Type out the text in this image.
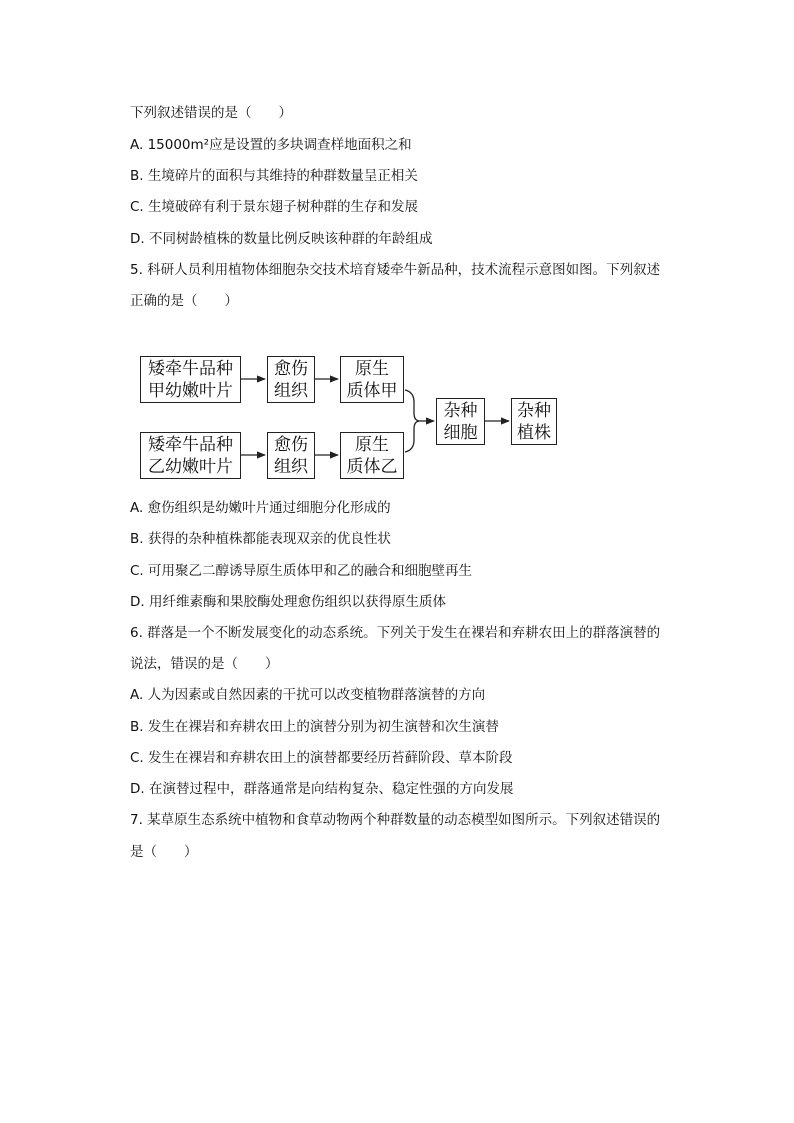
下列叙述错误的是（　　）
A. 15000m²应是设置的多块调查样地面积之和
B. 生境碎片的面积与其维持的种群数量呈正相关
C. 生境破碎有利于景东翅子树种群的生存和发展
D. 不同树龄植株的数量比例反映该种群的年龄组成
5. 科研人员利用植物体细胞杂交技术培育矮牵牛新品种，技术流程示意图如图。下列叙述
正确的是（　　）
矮牵牛品种
甲幼嫩叶片
愈伤
组织
原生
质体甲
矮牵牛品种
乙幼嫩叶片
愈伤
组织
原生
质体乙
杂种
细胞
杂种
植株
A. 愈伤组织是幼嫩叶片通过细胞分化形成的
B. 获得的杂种植株都能表现双亲的优良性状
C. 可用聚乙二醇诱导原生质体甲和乙的融合和细胞壁再生
D. 用纤维素酶和果胶酶处理愈伤组织以获得原生质体
6. 群落是一个不断发展变化的动态系统。下列关于发生在裸岩和弃耕农田上的群落演替的
说法，错误的是（　　）
A. 人为因素或自然因素的干扰可以改变植物群落演替的方向
B. 发生在裸岩和弃耕农田上的演替分别为初生演替和次生演替
C. 发生在裸岩和弃耕农田上的演替都要经历苔藓阶段、草本阶段
D. 在演替过程中，群落通常是向结构复杂、稳定性强的方向发展
7. 某草原生态系统中植物和食草动物两个种群数量的动态模型如图所示。下列叙述错误的
是（　　）
